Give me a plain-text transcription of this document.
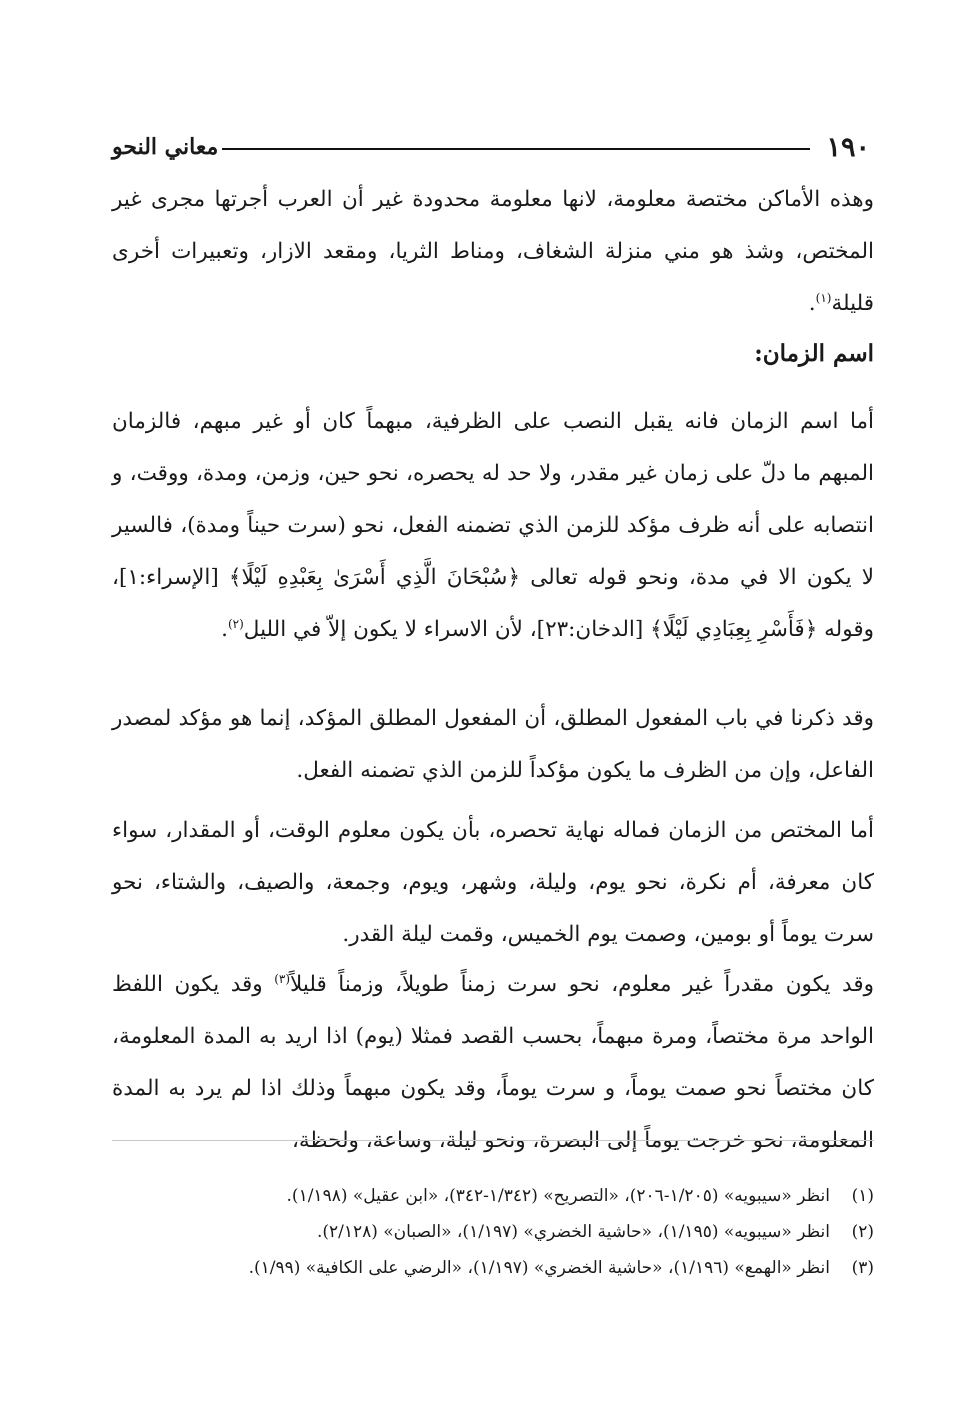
١٩٠
معاني النحو

وهذه الأماكن مختصة معلومة، لانها معلومة محدودة غير أن العرب أجرتها مجرى غير المختص، وشذ هو مني منزلة الشغاف، ومناط الثريا، ومقعد الازار، وتعبيرات أخرى قليلة$^{(١)}$.

اسم الزمان:

أما اسم الزمان فانه يقبل النصب على الظرفية، مبهماً كان أو غير مبهم، فالزمان المبهم ما دلّ على زمان غير مقدر، ولا حد له يحصره، نحو حين، وزمن، ومدة، ووقت، و انتصابه على أنه ظرف مؤكد للزمن الذي تضمنه الفعل، نحو (سرت حيناً ومدة)، فالسير لا يكون الا في مدة، ونحو قوله تعالى ﴿سُبْحَانَ الَّذِي أَسْرَىٰ بِعَبْدِهِ لَيْلًا﴾ [الإسراء:١]، وقوله ﴿فَأَسْرِ بِعِبَادِي لَيْلًا﴾ [الدخان:٢٣]، لأن الاسراء لا يكون إلاّ في الليل$^{(٢)}$.

وقد ذكرنا في باب المفعول المطلق، أن المفعول المطلق المؤكد، إنما هو مؤكد لمصدر الفاعل، وإن من الظرف ما يكون مؤكداً للزمن الذي تضمنه الفعل.

أما المختص من الزمان فماله نهاية تحصره، بأن يكون معلوم الوقت، أو المقدار، سواء كان معرفة، أم نكرة، نحو يوم، وليلة، وشهر، ويوم، وجمعة، والصيف، والشتاء، نحو سرت يوماً أو بومين، وصمت يوم الخميس، وقمت ليلة القدر.

وقد يكون مقدراً غير معلوم، نحو سرت زمناً طويلاً، وزمناً قليلاً$^{(٣)}$ وقد يكون اللفظ الواحد مرة مختصاً، ومرة مبهماً، بحسب القصد فمثلا (يوم) اذا اريد به المدة المعلومة، كان مختصاً نحو صمت يوماً، و سرت يوماً، وقد يكون مبهماً وذلك اذا لم يرد به المدة المعلومة، نحو خرجت يوماً إلى البصرة، ونحو ليلة، وساعة، ولحظة،

(١)انظر «سيبويه» (١/٢٠٥-٢٠٦)، «التصريح» (١/٣٤٢-٣٤٢)، «ابن عقيل» (١/١٩٨).

(٢)انظر «سيبويه» (١/١٩٥)، «حاشية الخضري» (١/١٩٧)، «الصبان» (٢/١٢٨).

(٣)انظر «الهمع» (١/١٩٦)، «حاشية الخضري» (١/١٩٧)، «الرضي على الكافية» (١/٩٩).
